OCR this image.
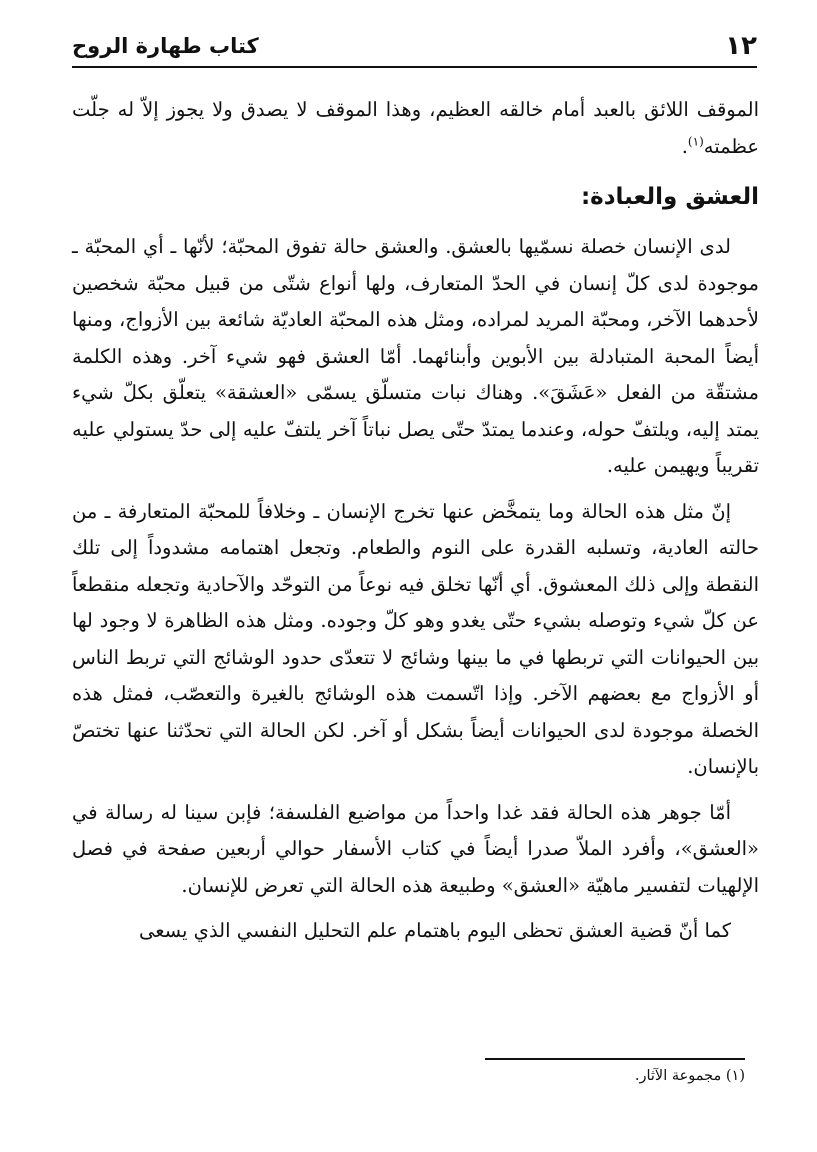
١٢
كتاب طهارة الروح

الموقف اللائق بالعبد أمام خالقه العظيم، وهذا الموقف لا يصدق ولا يجوز إلاّ له جلّت عظمته$^{(١)}$.

العشق والعبادة:

لدى الإنسان خصلة نسمّيها بالعشق. والعشق حالة تفوق المحبّة؛ لأنّها ـ أي المحبّة ـ موجودة لدى كلّ إنسان في الحدّ المتعارف، ولها أنواع شتّى من قبيل محبّة شخصين لأحدهما الآخر، ومحبّة المريد لمراده، ومثل هذه المحبّة العاديّة شائعة بين الأزواج، ومنها أيضاً المحبة المتبادلة بين الأبوين وأبنائهما. أمّا العشق فهو شيء آخر. وهذه الكلمة مشتقّة من الفعل «عَشَقَ». وهناك نبات متسلّق يسمّى «العشقة» يتعلّق بكلّ شيء يمتد إليه، ويلتفّ حوله، وعندما يمتدّ حتّى يصل نباتاً آخر يلتفّ عليه إلى حدّ يستولي عليه تقريباً ويهيمن عليه.

إنّ مثل هذه الحالة وما يتمخَّض عنها تخرج الإنسان ـ وخلافاً للمحبّة المتعارفة ـ من حالته العادية، وتسلبه القدرة على النوم والطعام. وتجعل اهتمامه مشدوداً إلى تلك النقطة وإلى ذلك المعشوق. أي أنّها تخلق فيه نوعاً من التوحّد والآحادية وتجعله منقطعاً عن كلّ شيء وتوصله بشيء حتّى يغدو وهو كلّ وجوده. ومثل هذه الظاهرة لا وجود لها بين الحيوانات التي تربطها في ما بينها وشائج لا تتعدّى حدود الوشائج التي تربط الناس أو الأزواج مع بعضهم الآخر. وإذا اتّسمت هذه الوشائج بالغيرة والتعصّب، فمثل هذه الخصلة موجودة لدى الحيوانات أيضاً بشكل أو آخر. لكن الحالة التي تحدّثنا عنها تختصّ بالإنسان.

أمّا جوهر هذه الحالة فقد غدا واحداً من مواضيع الفلسفة؛ فإبن سينا له رسالة في «العشق»، وأفرد الملاّ صدرا أيضاً في كتاب الأسفار حوالي أربعين صفحة في فصل الإلهيات لتفسير ماهيّة «العشق» وطبيعة هذه الحالة التي تعرض للإنسان.

كما أنّ قضية العشق تحظى اليوم باهتمام علم التحليل النفسي الذي يسعى

(١) مجموعة الآثار.
